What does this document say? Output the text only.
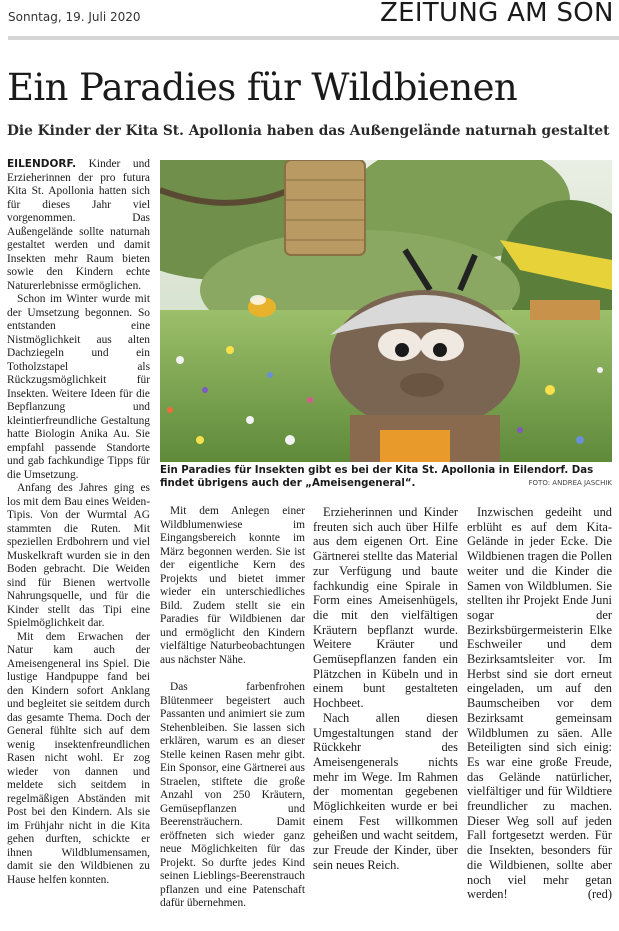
Sonntag, 19. Juli 2020	ZEITUNG AM SON
Ein Paradies für Wildbienen
Die Kinder der Kita St. Apollonia haben das Außengelände naturnah gestaltet

EILENDORF. Kinder und Erzieherinnen der pro futura Kita St. Apollonia hatten sich für dieses Jahr viel vorgenommen. Das Außengelände sollte naturnah gestaltet werden und damit Insekten mehr Raum bieten sowie den Kindern echte Naturerlebnisse ermöglichen.

Schon im Winter wurde mit der Umsetzung begonnen. So entstanden eine Nistmöglichkeit aus alten Dachziegeln und ein Totholzstapel als Rückzugsmöglichkeit für Insekten. Weitere Ideen für die Bepflanzung und kleintierfreundliche Gestaltung hatte Biologin Anika Au. Sie empfahl passende Standorte und gab fachkundige Tipps für die Umsetzung.

Anfang des Jahres ging es los mit dem Bau eines Weiden-Tipis. Von der Wurmtal AG stammten die Ruten. Mit speziellen Erdbohrern und viel Muskelkraft wurden sie in den Boden gebracht. Die Weiden sind für Bienen wertvolle Nahrungsquelle, und für die Kinder stellt das Tipi eine Spielmöglichkeit dar.

Mit dem Erwachen der Natur kam auch der Ameisengeneral ins Spiel. Die lustige Handpuppe fand bei den Kindern sofort Anklang und begleitet sie seitdem durch das gesamte Thema. Doch der General fühlte sich auf dem wenig insektenfreundlichen Rasen nicht wohl. Er zog wieder von dannen und meldete sich seitdem in regelmäßigen Abständen mit Post bei den Kindern. Als sie im Frühjahr nicht in die Kita gehen durften, schickte er ihnen Wildblumensamen, damit sie den Wildbienen zu Hause helfen konnten.

Ein Paradies für Insekten gibt es bei der Kita St. Apollonia in Eilendorf. Das findet übrigens auch der „Ameisengeneral“.	FOTO: ANDREA JASCHIK

Mit dem Anlegen einer Wildblumenwiese im Eingangsbereich konnte im März begonnen werden. Sie ist der eigentliche Kern des Projekts und bietet immer wieder ein unterschiedliches Bild. Zudem stellt sie ein Paradies für Wildbienen dar und ermöglicht den Kindern vielfältige Naturbeobachtungen aus nächster Nähe.

Das farbenfrohen Blütenmeer begeistert auch Passanten und animiert sie zum Stehenbleiben. Sie lassen sich erklären, warum es an dieser Stelle keinen Rasen mehr gibt. Ein Sponsor, eine Gärtnerei aus Straelen, stiftete die große Anzahl von 250 Kräutern, Gemüsepflanzen und Beerensträuchern. Damit eröffneten sich wieder ganz neue Möglichkeiten für das Projekt. So durfte jedes Kind seinen Lieblings-Beerenstrauch pflanzen und eine Patenschaft dafür übernehmen.

Erzieherinnen und Kinder freuten sich auch über Hilfe aus dem eigenen Ort. Eine Gärtnerei stellte das Material zur Verfügung und baute fachkundig eine Spirale in Form eines Ameisenhügels, die mit den vielfältigen Kräutern bepflanzt wurde. Weitere Kräuter und Gemüsepflanzen fanden ein Plätzchen in Kübeln und in einem bunt gestalteten Hochbeet.

Nach allen diesen Umgestaltungen stand der Rückkehr des Ameisengenerals nichts mehr im Wege. Im Rahmen der momentan gegebenen Möglichkeiten wurde er bei einem Fest willkommen geheißen und wacht seitdem, zur Freude der Kinder, über sein neues Reich.

Inzwischen gedeiht und erblüht es auf dem Kita-Gelände in jeder Ecke. Die Wildbienen tragen die Pollen weiter und die Kinder die Samen von Wildblumen. Sie stellten ihr Projekt Ende Juni sogar der Bezirksbürgermeisterin Elke Eschweiler und dem Bezirksamtsleiter vor. Im Herbst sind sie dort erneut eingeladen, um auf den Baumscheiben vor dem Bezirksamt gemeinsam Wildblumen zu säen. Alle Beteiligten sind sich einig: Es war eine große Freude, das Gelände natürlicher, vielfältiger und für Wildtiere freundlicher zu machen. Dieser Weg soll auf jeden Fall fortgesetzt werden. Für die Insekten, besonders für die Wildbienen, sollte aber noch viel mehr getan werden!	(red)
